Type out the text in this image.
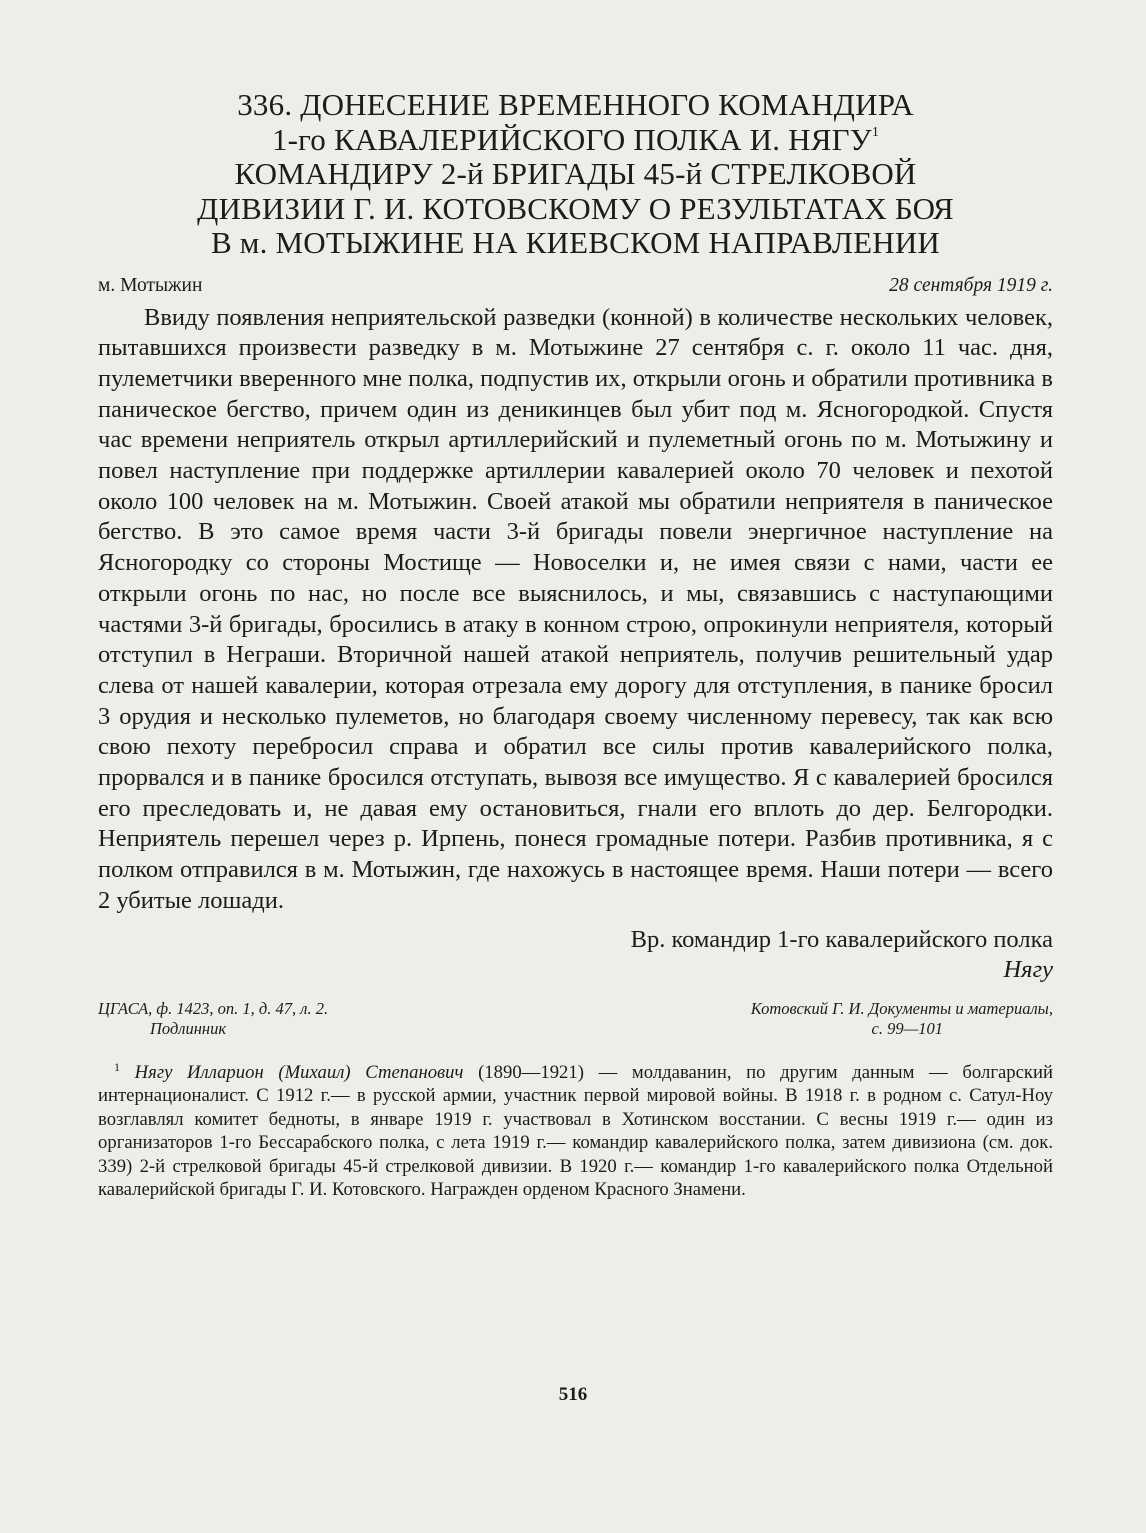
336. ДОНЕСЕНИЕ ВРЕМЕННОГО КОМАНДИРА
1-го КАВАЛЕРИЙСКОГО ПОЛКА И. НЯГУ$^1$
КОМАНДИРУ 2-й БРИГАДЫ 45-й СТРЕЛКОВОЙ
ДИВИЗИИ Г. И. КОТОВСКОМУ О РЕЗУЛЬТАТАХ БОЯ
В м. МОТЫЖИНЕ НА КИЕВСКОМ НАПРАВЛЕНИИ
м. Мотыжин	28 сентября 1919 г.

Ввиду появления неприятельской разведки (конной) в количестве нескольких человек, пытавшихся произвести разведку в м. Мотыжине 27 сентября с. г. около 11 час. дня, пулеметчики вверенного мне полка, подпустив их, открыли огонь и обратили противника в паническое бегство, причем один из деникинцев был убит под м. Ясногородкой. Спустя час времени неприятель открыл артиллерийский и пулеметный огонь по м. Мотыжину и повел наступление при поддержке артиллерии кавалерией около 70 человек и пехотой около 100 человек на м. Мотыжин. Своей атакой мы обратили неприятеля в паническое бегство. В это самое время части 3-й бригады повели энергичное наступление на Ясногородку со стороны Мостище — Новоселки и, не имея связи с нами, части ее открыли огонь по нас, но после все выяснилось, и мы, связавшись с наступающими частями 3-й бригады, бросились в атаку в конном строю, опрокинули неприятеля, который отступил в Неграши. Вторичной нашей атакой неприятель, получив решительный удар слева от нашей кавалерии, которая отрезала ему дорогу для отступления, в панике бросил 3 орудия и несколько пулеметов, но благодаря своему численному перевесу, так как всю свою пехоту перебросил справа и обратил все силы против кавалерийского полка, прорвался и в панике бросился отступать, вывозя все имущество. Я с кавалерией бросился его преследовать и, не давая ему остановиться, гнали его вплоть до дер. Белгородки. Неприятель перешел через р. Ирпень, понеся громадные потери. Разбив противника, я с полком отправился в м. Мотыжин, где нахожусь в настоящее время. Наши потери — всего 2 убитые лошади.

Вр. командир 1-го кавалерийского полка
Нягу
ЦГАСА, ф. 1423, оп. 1, д. 47, л. 2.
Подлинник
Котовский Г. И. Документы и материалы,
с. 99—101

$^1$ Нягу Илларион (Михаил) Степанович (1890—1921) — молдаванин, по другим данным — болгарский интернационалист. С 1912 г.— в русской армии, участник первой мировой войны. В 1918 г. в родном с. Сатул-Ноу возглавлял комитет бедноты, в январе 1919 г. участвовал в Хотинском восстании. С весны 1919 г.— один из организаторов 1-го Бессарабского полка, с лета 1919 г.— командир кавалерийского полка, затем дивизиона (см. док. 339) 2-й стрелковой бригады 45-й стрелковой дивизии. В 1920 г.— командир 1-го кавалерийского полка Отдельной кавалерийской бригады Г. И. Котовского. Награжден орденом Красного Знамени.

516
